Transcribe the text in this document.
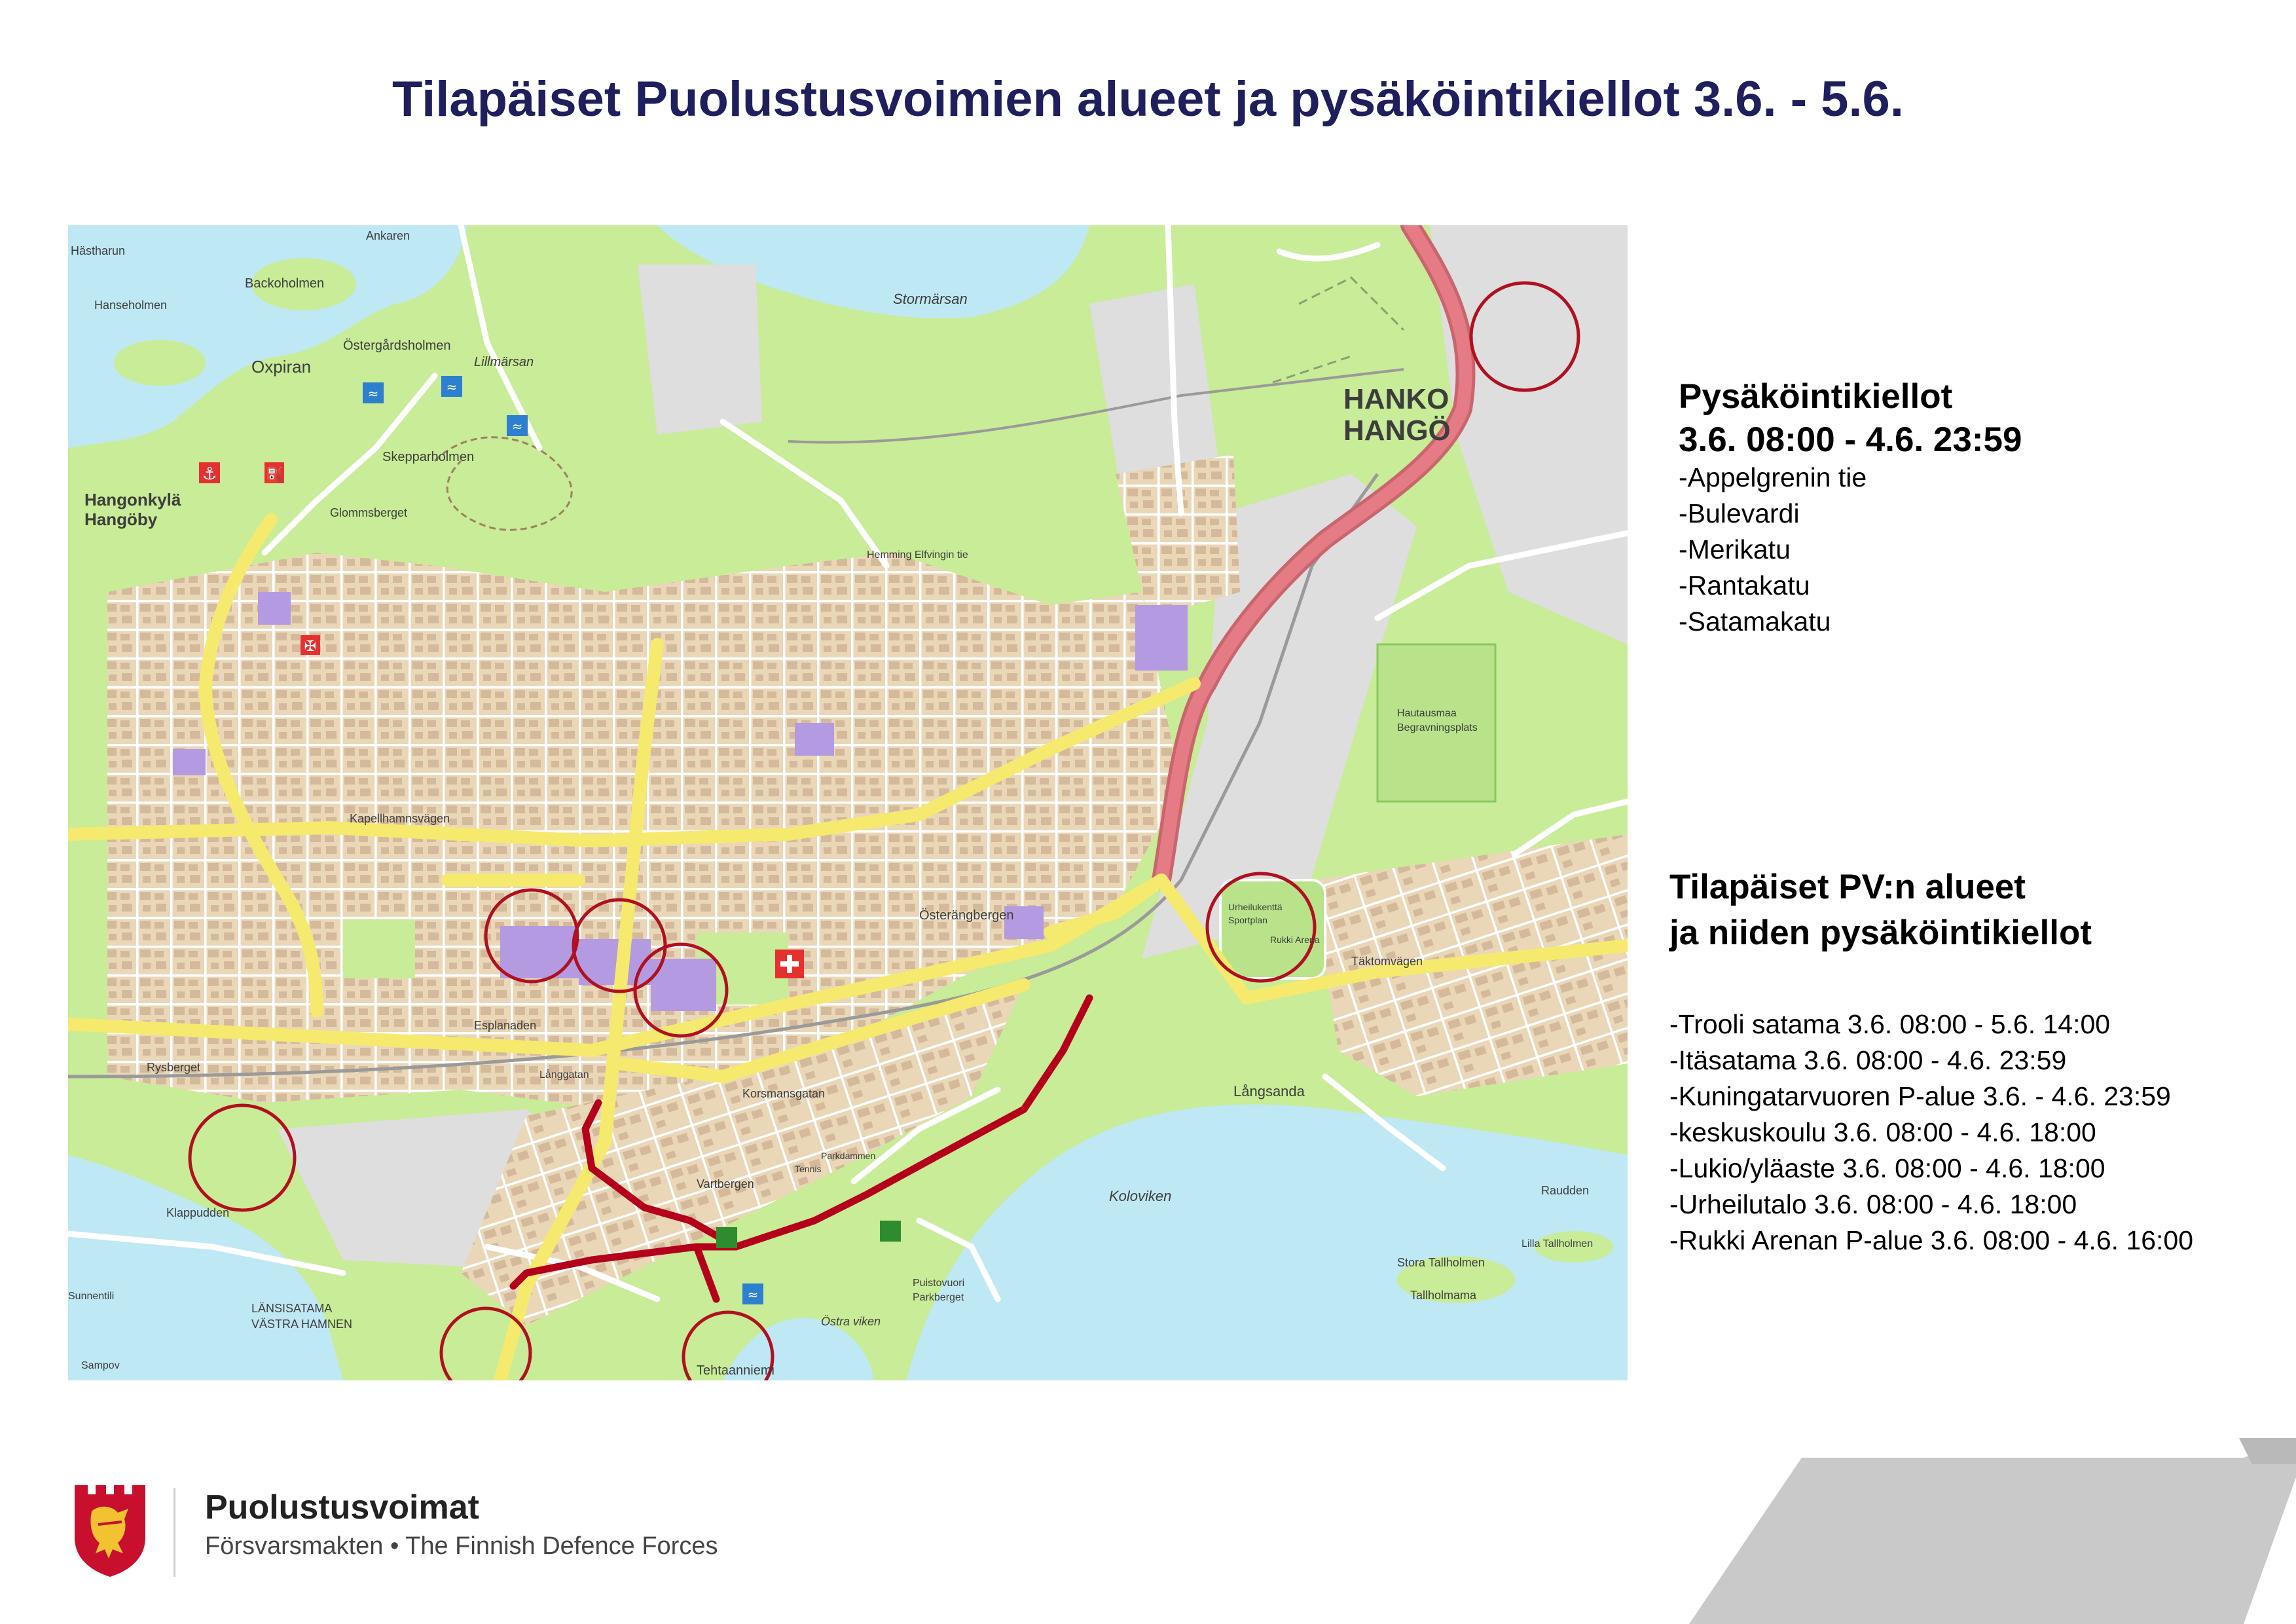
Tilapäiset Puolustusvoimien alueet ja pysäköintikiellot 3.6. - 5.6.
⚓	⛽
✠
≈	≈
≈
≈
HANKO
HANGÖ
Hangonkylä
Hangöby
Oxpiran
Backoholmen
Ankaren
Hästharun
Hanseholmen
Östergårdsholmen
Lillmärsan
Stormärsan
Skepparholmen
Glommsberget
Hemming Elfvingin tie
Kapellhamnsvägen
Esplanaden
Rysberget
Klappudden
Långgatan
Korsmansgatan
Vartbergen
Österängbergen
Långsanda
Koloviken
Östra viken
Tehtaanniemi
LÄNSISATAMA
VÄSTRA HAMNEN
Sunnentili
Sampov
Raudden
Stora Tallholmen
Lilla Tallholmen
Tallholmama
Täktomvägen
Hautausmaa
Begravningsplats
Urheilukenttä
Sportplan
Rukki Arena
Puistovuori
Parkberget
Parkdammen
Tennis
Pysäköintikiellot
3.6. 08:00 - 4.6. 23:59
-Appelgrenin tie
-Bulevardi
-Merikatu
-Rantakatu
-Satamakatu
Tilapäiset PV:n alueet
ja niiden pysäköintikiellot
-Trooli satama 3.6. 08:00 - 5.6. 14:00
-Itäsatama 3.6. 08:00 - 4.6. 23:59
-Kuningatarvuoren P-alue 3.6. - 4.6. 23:59
-keskuskoulu 3.6. 08:00 - 4.6. 18:00
-Lukio/yläaste 3.6. 08:00 - 4.6. 18:00
-Urheilutalo 3.6. 08:00 - 4.6. 18:00
-Rukki Arenan P-alue 3.6. 08:00 - 4.6. 16:00
Puolustusvoimat
Försvarsmakten • The Finnish Defence Forces
